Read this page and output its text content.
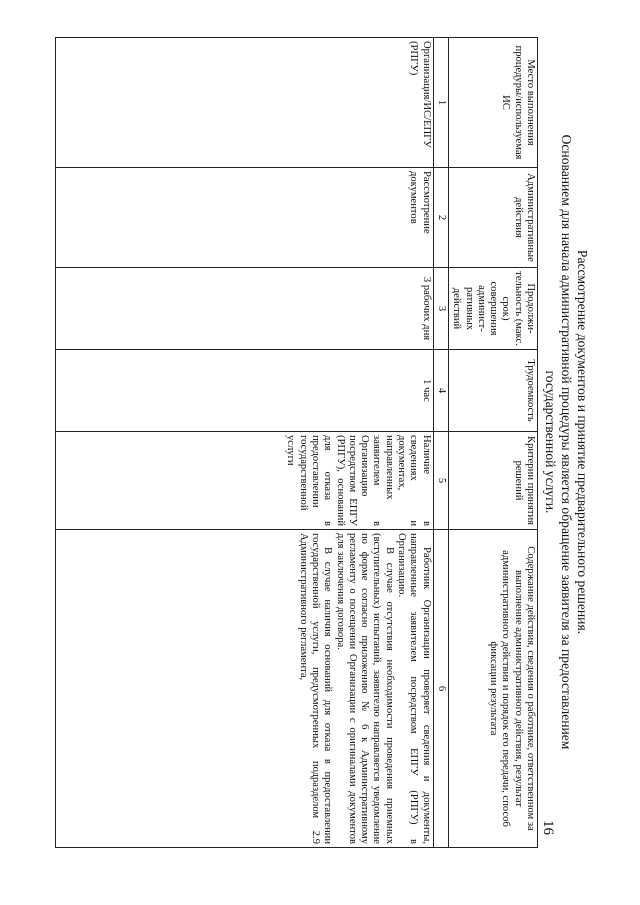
16
Рассмотрение документов и принятие предварительного решения.
Основанием для начала административной процедуры является обращение заявителя за предоставлением
государственной услуги.
Место выполнения процедуры/используемая ИС	Административные действия	Продолжи-тельность (макс. срок) совершения админист-ративных действий	Трудоемкость	Критерии принятия решений	Содержание действия, сведения о работнике, ответственном за выполнение административного действия, результат административного действия и порядок его передачи, способ фиксации результата
1	2	3	4	5	6
Организация/ИС/ЕПГУ (РПГУ)	Рассмотрение документов	3 рабочих дня	1 час	Наличие в сведениях и документах, направленных заявителем в Организацию посредством ЕПГУ (РПГУ), оснований для отказа в предоставлении государственной услуги	Работник Организации проверяет сведения и документы, направленные заявителем посредством ЕПГУ (РПГУ) в Организацию.

В случае отсутствия необходимости проведения приемных (вступительных) испытаний, заявителю направляется уведомление по форме согласно приложению № 6 к Административному регламенту о посещении Организации с оригиналами документов для заключения договора.

В случае наличия оснований для отказа в предоставлении государственной услуги, предусмотренных подразделом 2.9 Административного регламента,
